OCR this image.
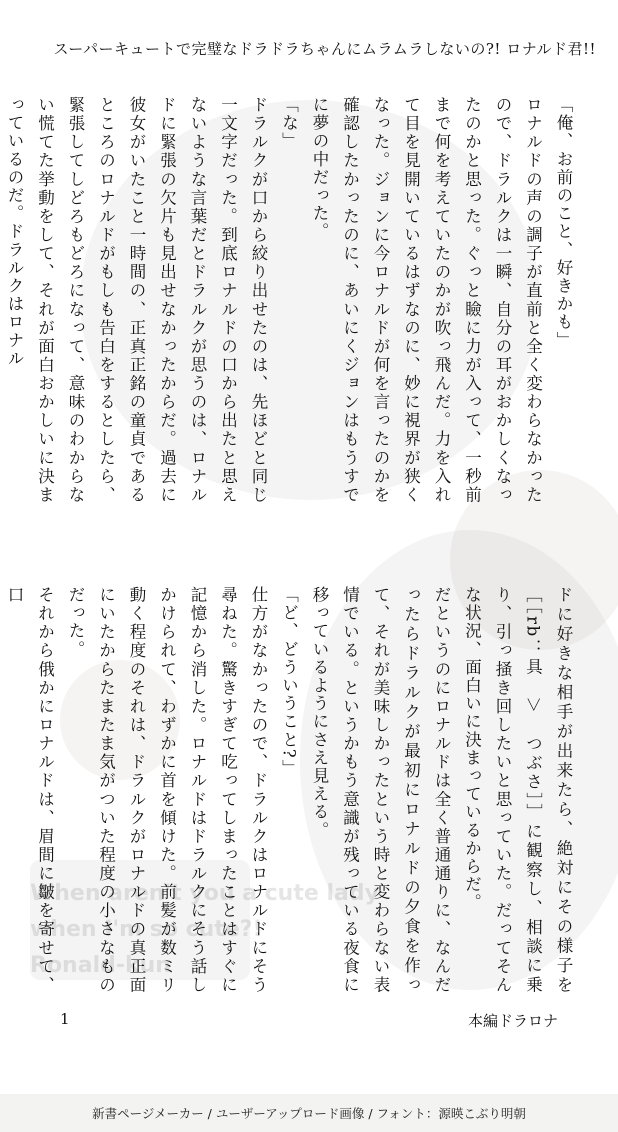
When aren't you a cute lady
when I'm so cute?!
Ronald-kun
スーパーキュートで完璧なドラドラちゃんにムラムラしないの?! ロナルド君!!

「俺、お前のこと、好きかも」

ロナルドの声の調子が直前と全く変わらなかったので、ドラルクは一瞬、自分の耳がおかしくなったのかと思った。ぐっと瞼に力が入って、一秒前まで何を考えていたのかが吹っ飛んだ。力を入れて目を見開いているはずなのに、妙に視界が狭くなった。ジョンに今ロナルドが何を言ったのかを確認したかったのに、あいにくジョンはもうすでに夢の中だった。

「な」

ドラルクが口から絞り出せたのは、先ほどと同じ一文字だった。到底ロナルドの口から出たと思えないような言葉だとドラルクが思うのは、ロナルドに緊張の欠片も見出せなかったからだ。過去に彼女がいたこと一時間の、正真正銘の童貞であるところのロナルドがもしも告白をするとしたら、緊張してしどろもどろになって、意味のわからない慌てた挙動をして、それが面白おかしいに決まっているのだ。ドラルクはロナル

ドに好きな相手が出来たら、絶対にその様子を［［rb：具　＞　つぶさ］］に観察し、相談に乗り、引っ掻き回したいと思っていた。だってそんな状況、面白いに決まっているからだ。

だというのにロナルドは全く普通通りに、なんだったらドラルクが最初にロナルドの夕食を作って、それが美味しかったという時と変わらない表情でいる。というかもう意識が残っている夜食に移っているようにさえ見える。

「ど、どういうこと?」

仕方がなかったので、ドラルクはロナルドにそう尋ねた。驚きすぎて吃ってしまったことはすぐに記憶から消した。ロナルドはドラルクにそう話しかけられて、わずかに首を傾けた。前髪が数ミリ動く程度のそれは、ドラルクがロナルドの真正面にいたからたまたま気がついた程度の小さなものだった。

それから俄かにロナルドは、眉間に皺を寄せて、口

1	本編ドラロナ
新書ページメーカー / ユーザーアップロード画像 / フォント：源暎こぶり明朝
